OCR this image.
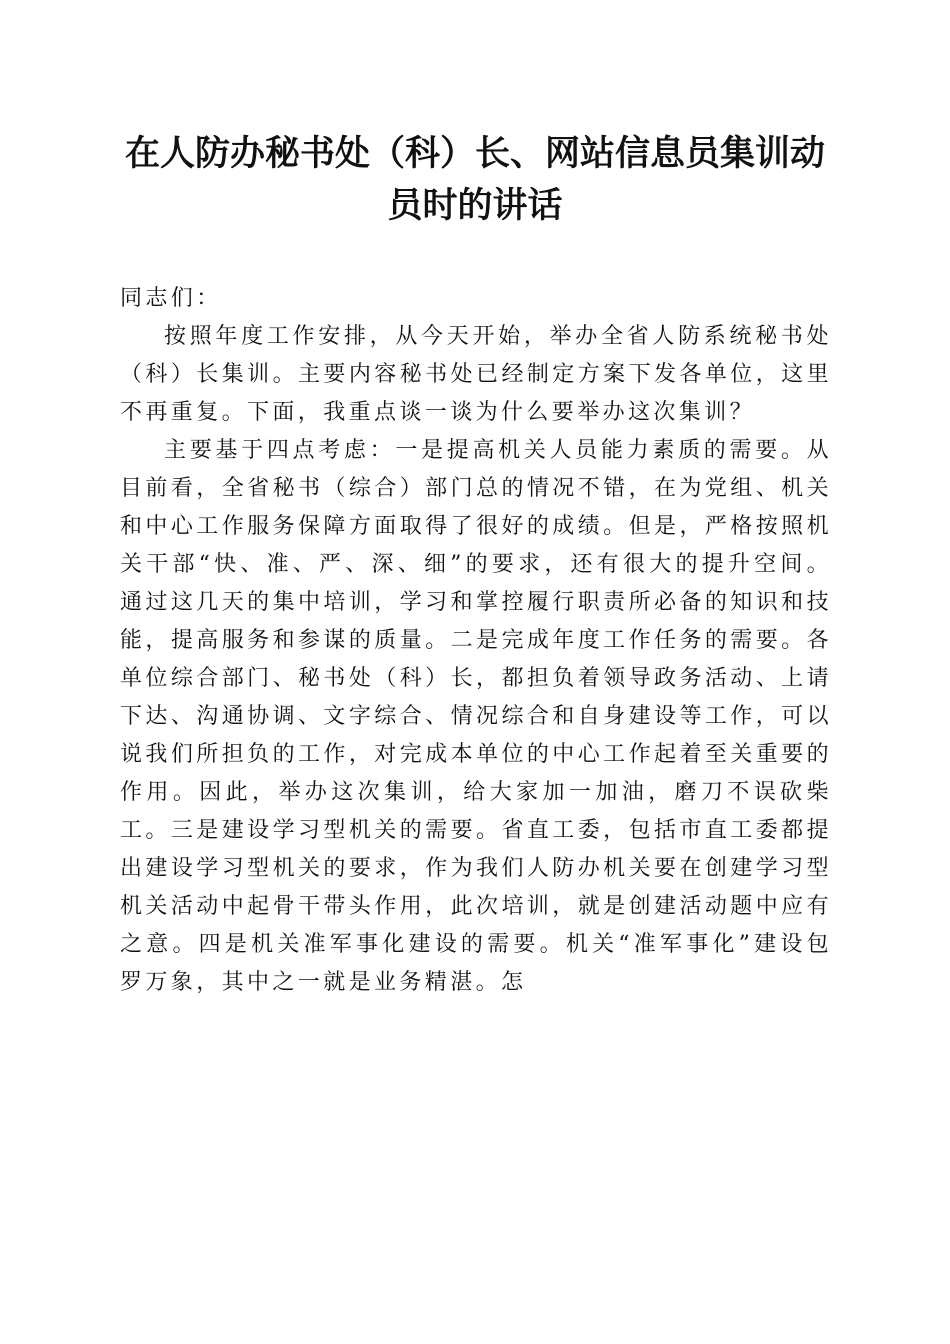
在人防办秘书处（科）长、网站信息员集训动员时的讲话

同志们：

按照年度工作安排，从今天开始，举办全省人防系统秘书处（科）长集训。主要内容秘书处已经制定方案下发各单位，这里不再重复。下面，我重点谈一谈为什么要举办这次集训？

主要基于四点考虑：一是提高机关人员能力素质的需要。从目前看，全省秘书（综合）部门总的情况不错，在为党组、机关和中心工作服务保障方面取得了很好的成绩。但是，严格按照机关干部“快、准、严、深、细”的要求，还有很大的提升空间。通过这几天的集中培训，学习和掌控履行职责所必备的知识和技能，提高服务和参谋的质量。二是完成年度工作任务的需要。各单位综合部门、秘书处（科）长，都担负着领导政务活动、上请下达、沟通协调、文字综合、情况综合和自身建设等工作，可以说我们所担负的工作，对完成本单位的中心工作起着至关重要的作用。因此，举办这次集训，给大家加一加油，磨刀不误砍柴工。三是建设学习型机关的需要。省直工委，包括市直工委都提出建设学习型机关的要求，作为我们人防办机关要在创建学习型机关活动中起骨干带头作用，此次培训，就是创建活动题中应有之意。四是机关准军事化建设的需要。机关“准军事化”建设包罗万象，其中之一就是业务精湛。怎
